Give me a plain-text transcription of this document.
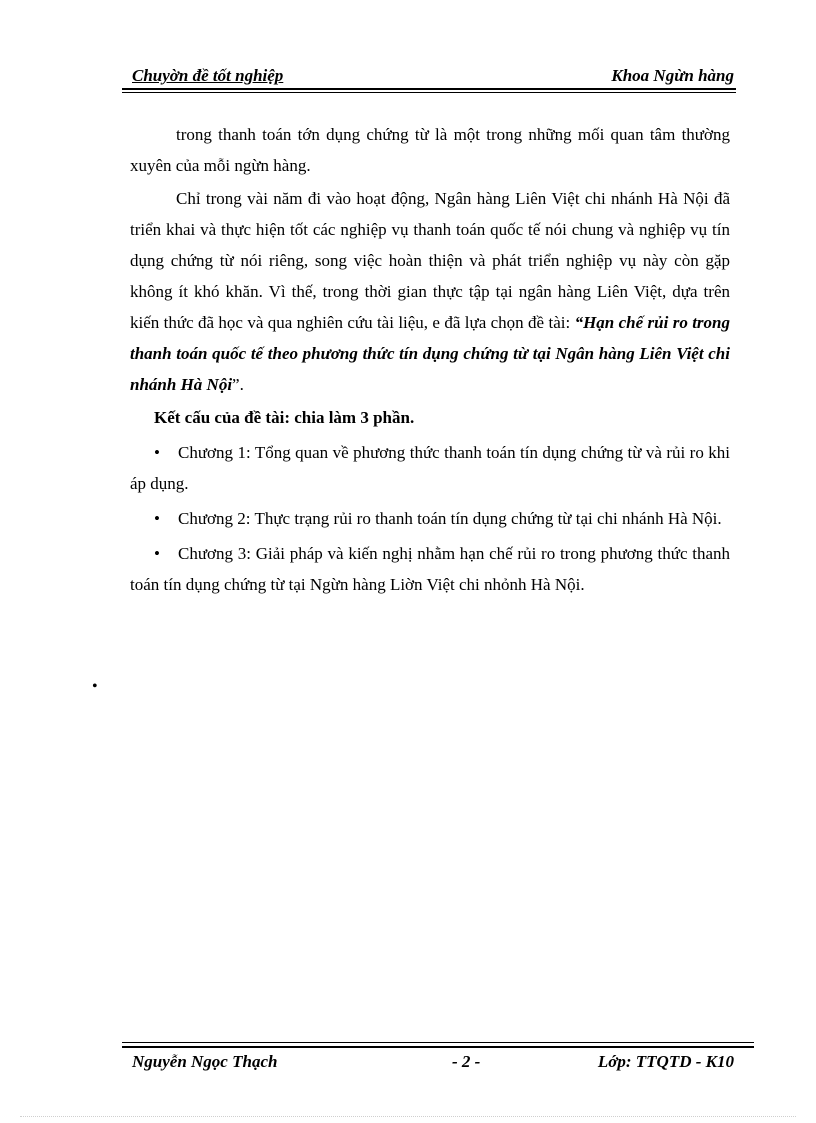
Chuyờn đề tốt nghiệp	Khoa Ngừn hàng

trong thanh toán tớn dụng chứng từ là một trong những mối quan tâm thường xuyên của mỗi ngừn hàng.

Chỉ trong vài năm đi vào hoạt động, Ngân hàng Liên Việt chi nhánh Hà Nội đã triển khai và thực hiện tốt các nghiệp vụ thanh toán quốc tế nói chung và nghiệp vụ tín dụng chứng từ nói riêng, song việc hoàn thiện và phát triển nghiệp vụ này còn gặp không ít khó khăn. Vì thế, trong thời gian thực tập tại ngân hàng Liên Việt, dựa trên kiến thức đã học và qua nghiên cứu tài liệu, e đã lựa chọn đề tài: “Hạn chế rủi ro trong thanh toán quốc tế theo phương thức tín dụng chứng từ tại Ngân hàng Liên Việt chi nhánh Hà Nội”.

Kết cấu của đề tài: chia làm 3 phần.

• Chương 1: Tổng quan về phương thức thanh toán tín dụng chứng từ và rủi ro khi áp dụng.

• Chương 2: Thực trạng rủi ro thanh toán tín dụng chứng từ tại chi nhánh Hà Nội.

• Chương 3: Giải pháp và kiến nghị nhằm hạn chế rủi ro trong phương thức thanh toán tín dụng chứng từ tại Ngừn hàng Liờn Việt chi nhỏnh Hà Nội.

•
Nguyễn Ngọc Thạch	- 2 -	Lớp: TTQTD - K10
